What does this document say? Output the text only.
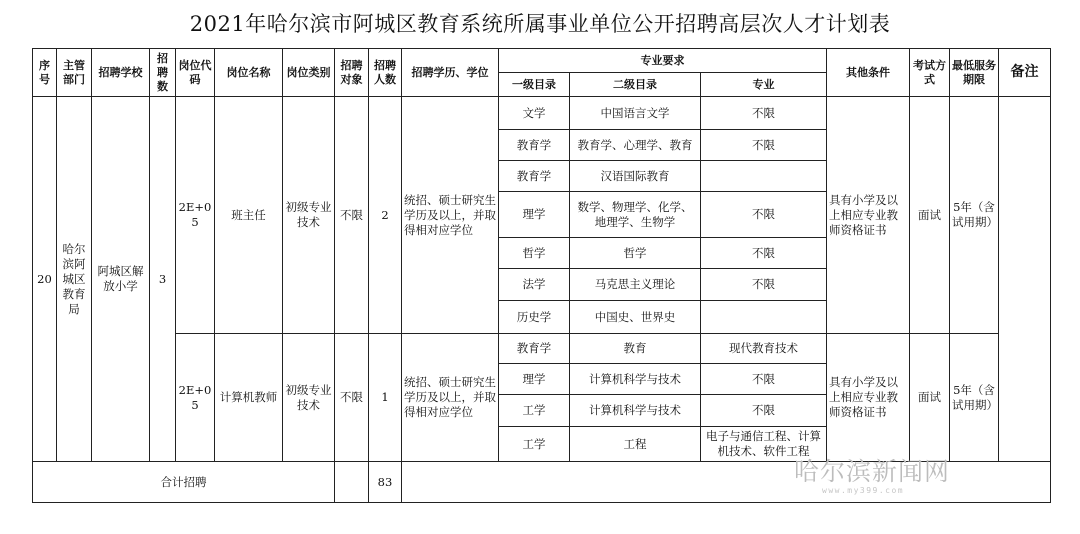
2021年哈尔滨市阿城区教育系统所属事业单位公开招聘高层次人才计划表
序号	主管部门	招聘学校	招聘数	岗位代码	岗位名称	岗位类别	招聘对象	招聘人数	招聘学历、学位	专业要求			其他条件	考试方式	最低服务期限	备注
										一级目录	二级目录	专业				
20	哈尔滨阿城区教育局	阿城区解放小学	3	2E+05	班主任	初级专业技术	不限	2	统招、硕士研究生学历及以上，并取得相对应学位	文学	中国语言文学	不限	具有小学及以上相应专业教师资格证书	面试	5年（含试用期）	
										教育学	教育学、心理学、教育	不限				
										教育学	汉语国际教育					
										理学	数学、物理学、化学、地理学、生物学	不限				
										哲学	哲学	不限				
										法学	马克思主义理论	不限				
										历史学	中国史、世界史					
				2E+05	计算机教师	初级专业技术	不限	1	统招、硕士研究生学历及以上，并取得相对应学位	教育学	教育	现代教育技术	具有小学及以上相应专业教师资格证书	面试	5年（含试用期）	
										理学	计算机科学与技术	不限				
										工学	计算机科学与技术	不限				
										工学	工程	电子与通信工程、计算机技术、软件工程				
合计招聘								83									哈尔滨新闻网
www.my399.com
